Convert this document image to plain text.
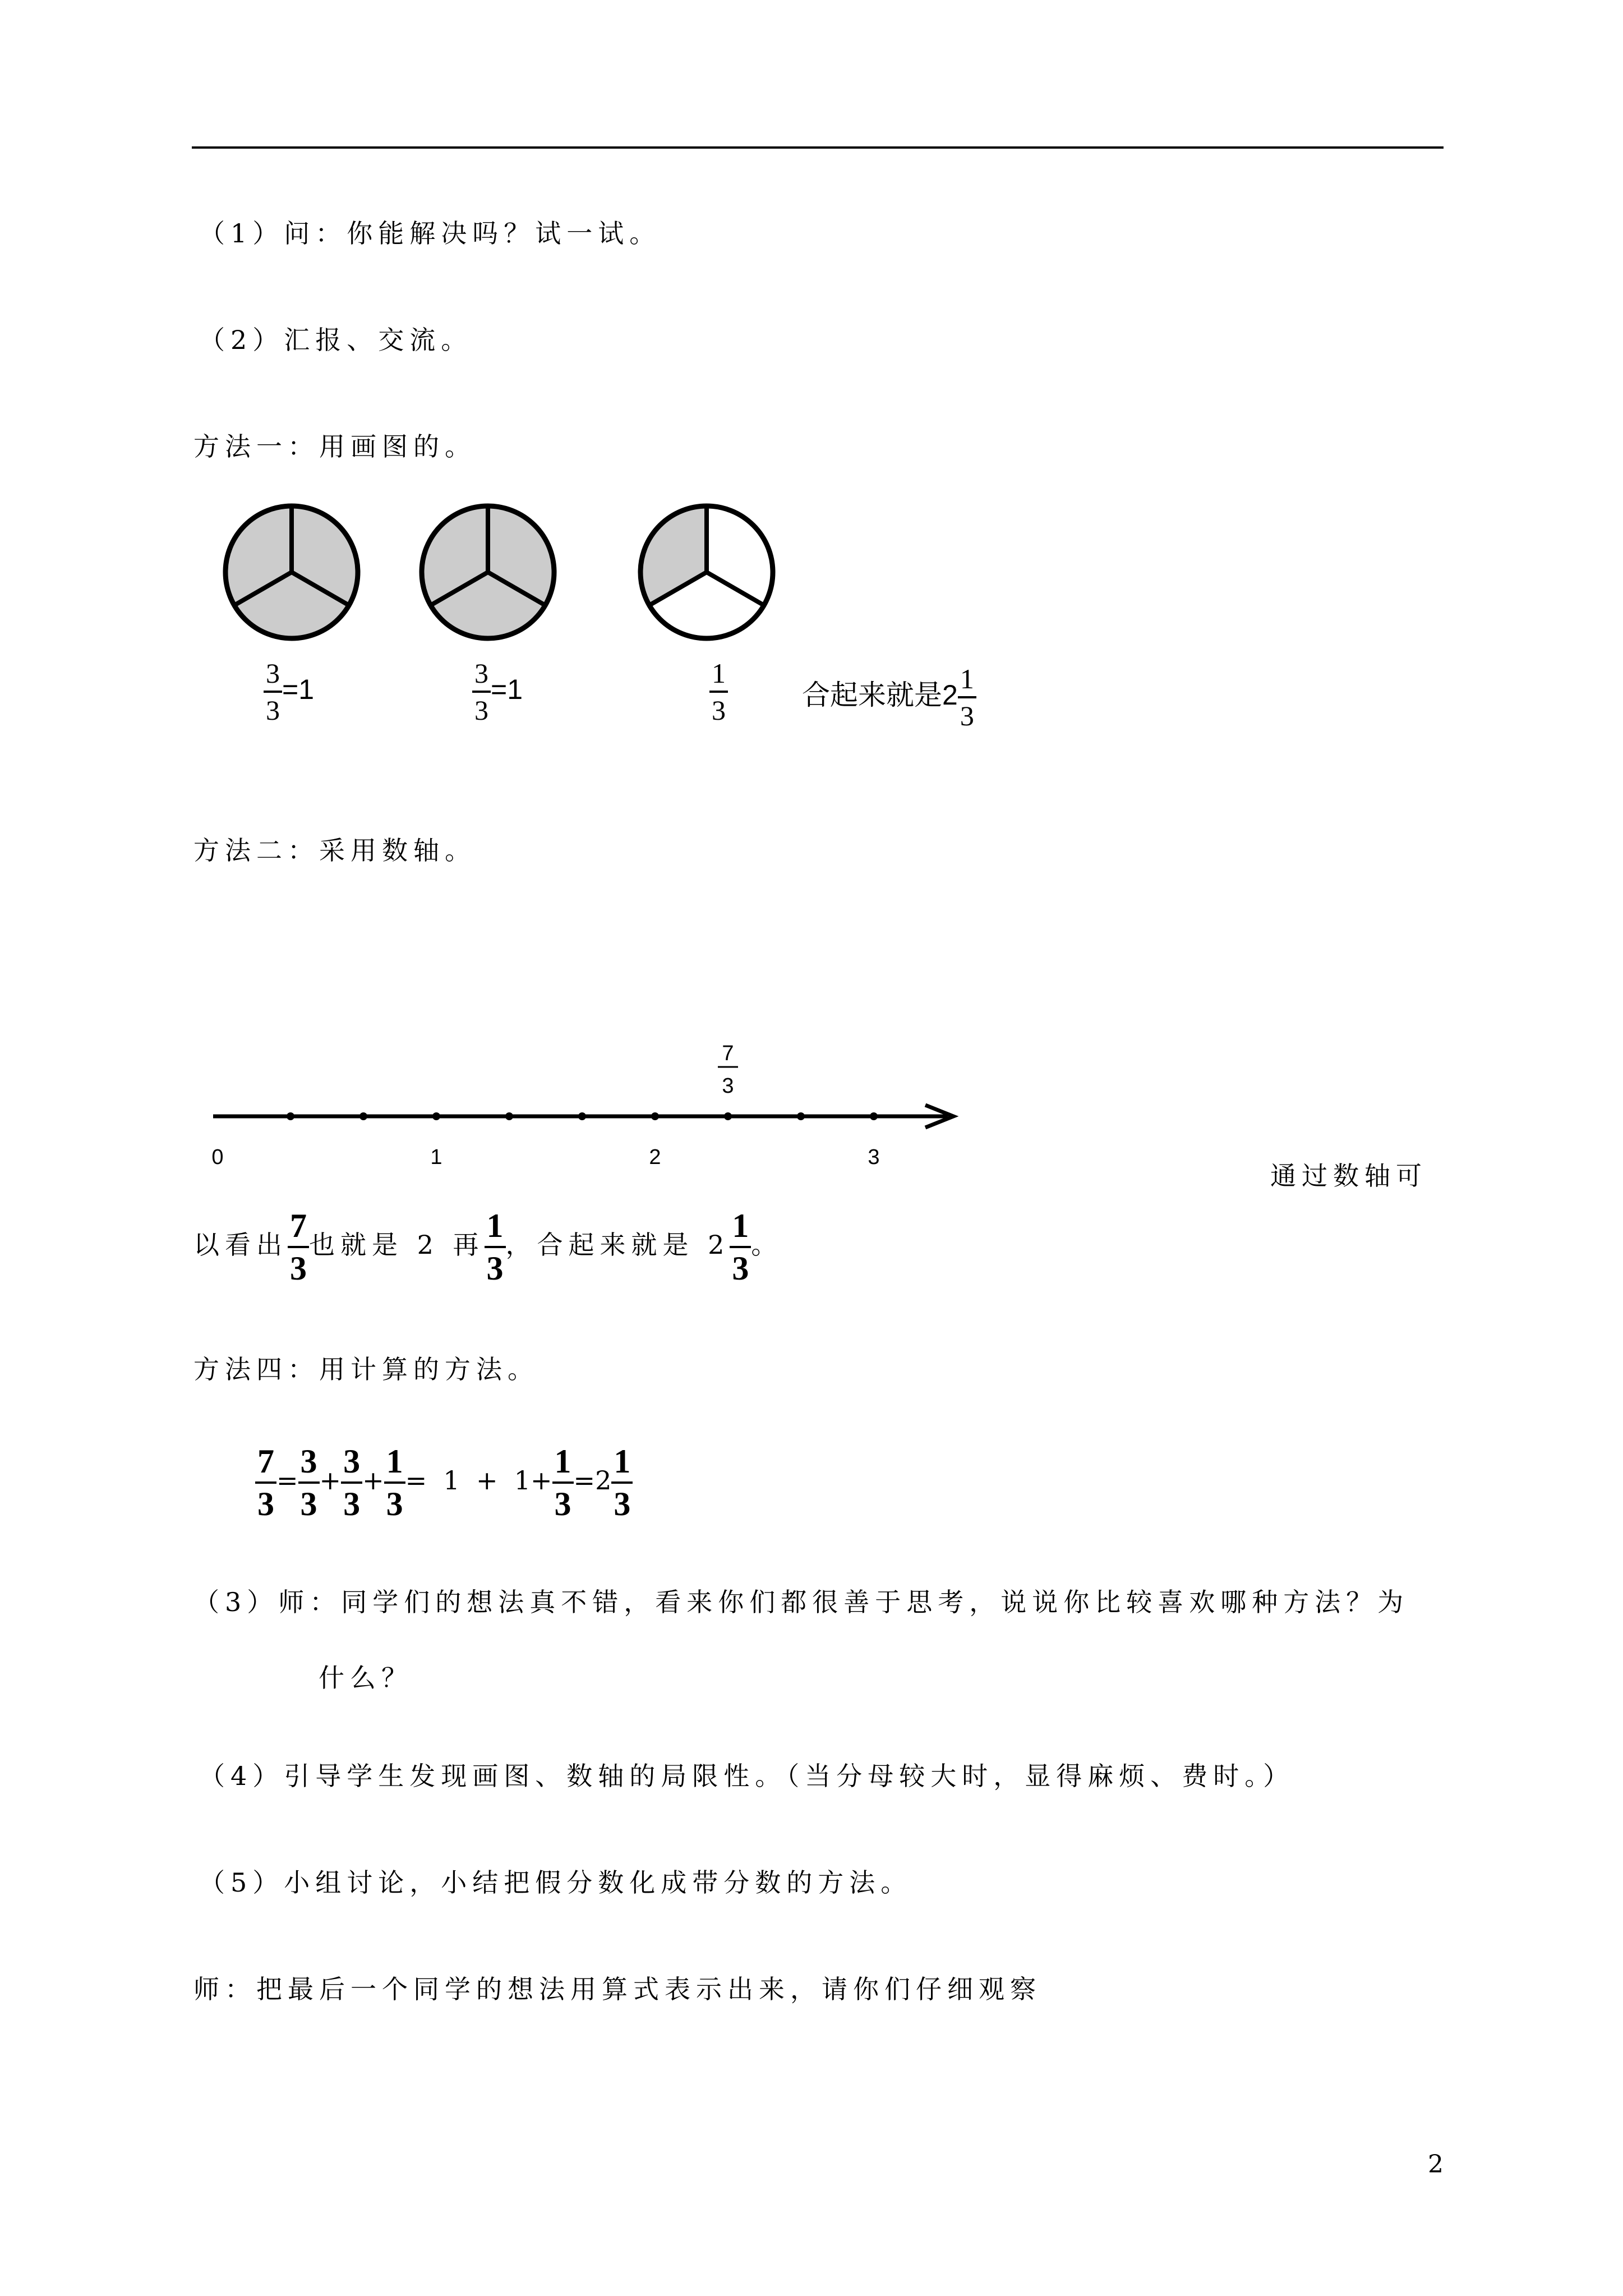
（1）问：你能解决吗？试一试。
（2）汇报、交流。
方法一：用画图的。
$\frac{3}{3} =1$	$\frac{3}{3} =1$	$\frac{1}{3}$	合起来就是$2 \frac{1}{3}$
方法二：采用数轴。
0	1	2	3
7
3
通过数轴可
以看出 $\frac{7}{3}$ 也就是 2 再 $\frac{1}{3}$ ，合起来就是 $2 \frac{1}{3}$ 。
方法四：用计算的方法。
$\frac{7}{3} = \frac{3}{3} + \frac{3}{3} + \frac{1}{3} = 1 + 1+ \frac{1}{3} =2 \frac{1}{3}$
（3）师：同学们的想法真不错，看来你们都很善于思考，说说你比较喜欢哪种方法？为
什么？
（4）引导学生发现画图、数轴的局限性。（当分母较大时，显得麻烦、费时。）
（5）小组讨论，小结把假分数化成带分数的方法。
师：把最后一个同学的想法用算式表示出来，请你们仔细观察
2
